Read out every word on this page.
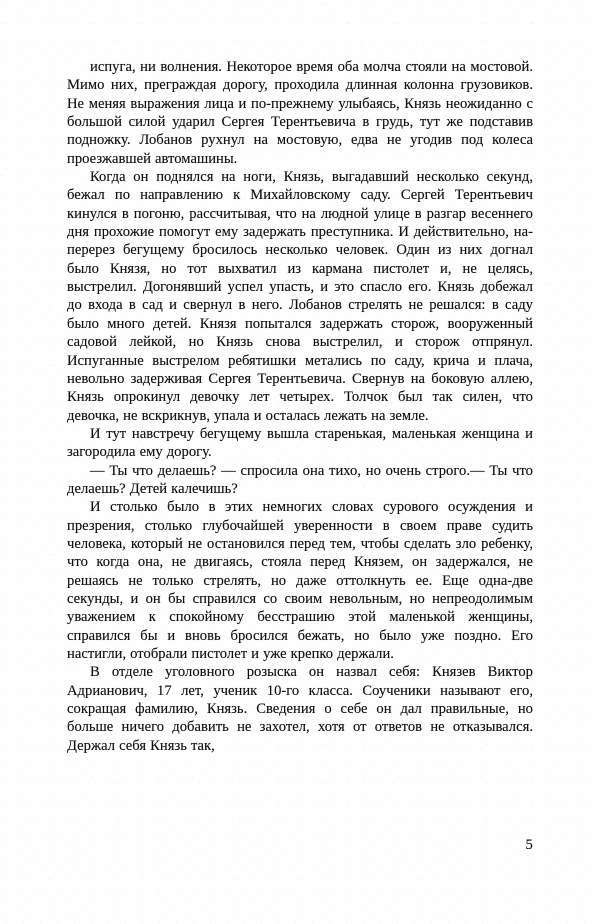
испуга, ни волнения. Некоторое время оба молча стояли на мостовой. Мимо них, преграждая дорогу, проходила длинная колонна грузовиков. Не меняя выражения лица и по-прежнему улыбаясь, Князь неожиданно с большой силой ударил Сергея Терентьевича в грудь, тут же подставив подножку. Лобанов рухнул на мостовую, едва не угодив под колеса проезжавшей автомашины.

Когда он поднялся на ноги, Князь, выгадавший несколько секунд, бежал по направлению к Михайловскому саду. Сергей Терентьевич кинулся в погоню, рассчитывая, что на людной улице в разгар весеннего дня прохожие помогут ему задержать преступника. И действительно, наперерез бегущему бросилось несколько человек. Один из них догнал было Князя, но тот выхватил из кармана пистолет и, не целясь, выстрелил. Догонявший успел упасть, и это спасло его. Князь добежал до входа в сад и свернул в него. Лобанов стрелять не решался: в саду было много детей. Князя попытался задержать сторож, вооруженный садовой лейкой, но Князь снова выстрелил, и сторож отпрянул. Испуганные выстрелом ребятишки метались по саду, крича и плача, невольно задерживая Сергея Терентьевича. Свернув на боковую аллею, Князь опрокинул девочку лет четырех. Толчок был так силен, что девочка, не вскрикнув, упала и осталась лежать на земле.

И тут навстречу бегущему вышла старенькая, маленькая женщина и загородила ему дорогу.

— Ты что делаешь? — спросила она тихо, но очень строго.— Ты что делаешь? Детей калечишь?

И столько было в этих немногих словах сурового осуждения и презрения, столько глубочайшей уверенности в своем праве судить человека, который не остановился перед тем, чтобы сделать зло ребенку, что когда она, не двигаясь, стояла перед Князем, он задержался, не решаясь не только стрелять, но даже оттолкнуть ее. Еще одна-две секунды, и он бы справился со своим невольным, но непреодолимым уважением к спокойному бесстрашию этой маленькой женщины, справился бы и вновь бросился бежать, но было уже поздно. Его настигли, отобрали пистолет и уже крепко держали.

В отделе уголовного розыска он назвал себя: Князев Виктор Адрианович, 17 лет, ученик 10-го класса. Соученики называют его, сокращая фамилию, Князь. Сведения о себе он дал правильные, но больше ничего добавить не захотел, хотя от ответов не отказывался. Держал себя Князь так,

5
